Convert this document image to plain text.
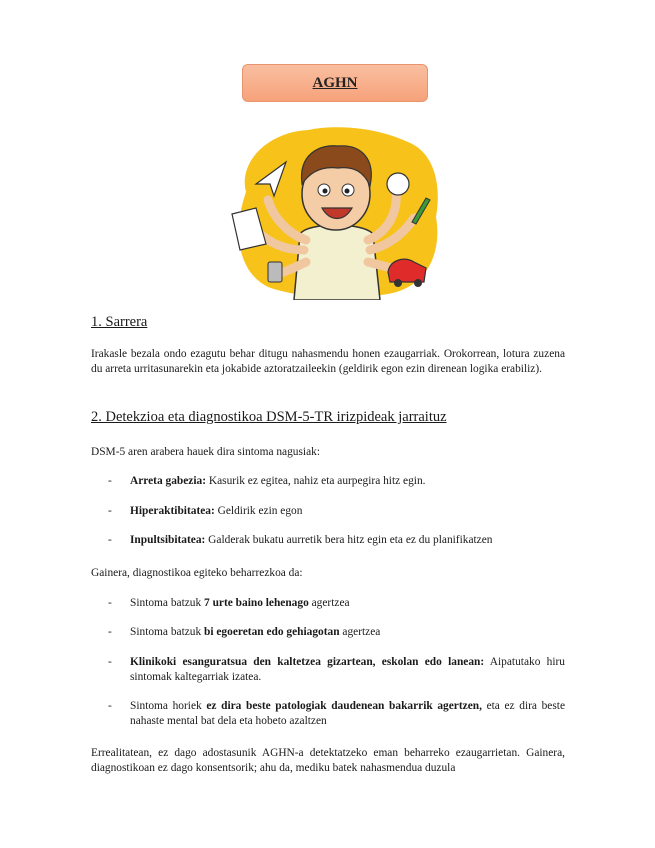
AGHN
1. Sarrera

Irakasle bezala ondo ezagutu behar ditugu nahasmendu honen ezaugarriak. Orokorrean, lotura zuzena du arreta urritasunarekin eta jokabide aztoratzaileekin (geldirik egon ezin direnean logika erabiliz).

2. Detekzioa eta diagnostikoa DSM-5-TR irizpideak jarraituz

DSM-5 aren arabera hauek dira sintoma nagusiak:

- Arreta gabezia: Kasurik ez egitea, nahiz eta aurpegira hitz egin.
- Hiperaktibitatea: Geldirik ezin egon
- Inpultsibitatea: Galderak bukatu aurretik bera hitz egin eta ez du planifikatzen

Gainera, diagnostikoa egiteko beharrezkoa da:

- Sintoma batzuk 7 urte baino lehenago agertzea
- Sintoma batzuk bi egoeretan edo gehiagotan agertzea
- Klinikoki esanguratsua den kaltetzea gizartean, eskolan edo lanean: Aipatutako hiru sintomak kaltegarriak izatea.
- Sintoma horiek ez dira beste patologiak daudenean bakarrik agertzen, eta ez dira beste nahaste mental bat dela eta hobeto azaltzen

Errealitatean, ez dago adostasunik AGHN-a detektatzeko eman beharreko ezaugarrietan. Gainera, diagnostikoan ez dago konsentsorik; ahu da, mediku batek nahasmendua duzula
